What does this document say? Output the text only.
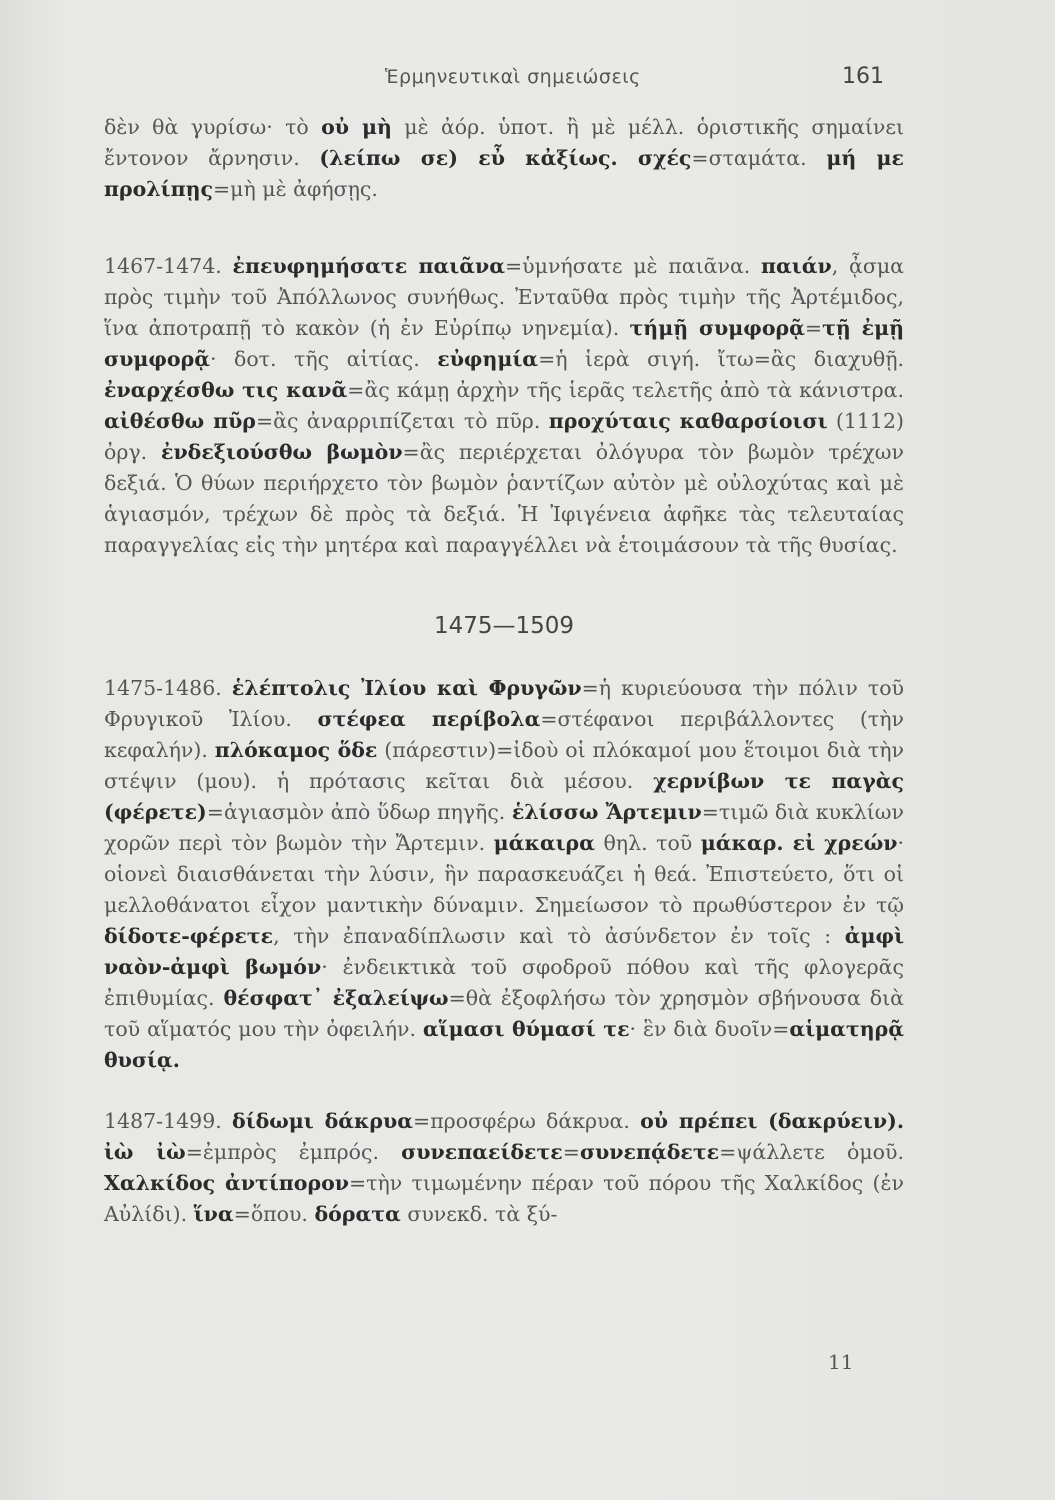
Ἑρμηνευτικαὶ σημειώσεις	161

δὲν θὰ γυρίσω· τὸ οὐ μὴ μὲ ἀόρ. ὑποτ. ἢ μὲ μέλλ. ὁριστικῆς σημαίνει ἔντονον ἄρνησιν. (λείπω σε) εὖ κἀξίως. σχές=σταμάτα. μή με προλίπῃς=μὴ μὲ ἀφήσῃς.

1467-1474. ἐπευφημήσατε παιᾶνα=ὑμνήσατε μὲ παιᾶνα. παιάν, ᾆσμα πρὸς τιμὴν τοῦ Ἀπόλλωνος συνήθως. Ἐνταῦθα πρὸς τιμὴν τῆς Ἀρτέμιδος, ἵνα ἀποτραπῇ τὸ κακὸν (ἡ ἐν Εὐρίπῳ νηνεμία). τήμῇ συμφορᾷ=τῇ ἐμῇ συμφορᾷ· δοτ. τῆς αἰτίας. εὐφημία=ἡ ἱερὰ σιγή. ἴτω=ἂς διαχυθῇ. ἐναρχέσθω τις κανᾶ=ἂς κάμῃ ἀρχὴν τῆς ἱερᾶς τελετῆς ἀπὸ τὰ κάνιστρα. αἰθέσθω πῦρ=ἂς ἀναρριπίζεται τὸ πῦρ. προχύταις καθαρσίοισι (1112) ὀργ. ἐνδεξιούσθω βωμὸν=ἂς περιέρχεται ὀλόγυρα τὸν βωμὸν τρέχων δεξιά. Ὁ θύων περιήρχετο τὸν βωμὸν ῥαντίζων αὐτὸν μὲ οὐλοχύτας καὶ μὲ ἁγιασμόν, τρέχων δὲ πρὸς τὰ δεξιά. Ἡ Ἰφιγένεια ἀφῆκε τὰς τελευταίας παραγγελίας εἰς τὴν μητέρα καὶ παραγγέλλει νὰ ἑτοιμάσουν τὰ τῆς θυσίας.

1475—1509

1475-1486. ἑλέπτολις Ἰλίου καὶ Φρυγῶν=ἡ κυριεύουσα τὴν πόλιν τοῦ Φρυγικοῦ Ἰλίου. στέφεα περίβολα=στέφανοι περιβάλλοντες (τὴν κεφαλήν). πλόκαμος ὅδε (πάρεστιν)=ἰδοὺ οἱ πλόκαμοί μου ἕτοιμοι διὰ τὴν στέψιν (μου). ἡ πρότασις κεῖται διὰ μέσου. χερνίβων τε παγὰς (φέρετε)=ἁγιασμὸν ἀπὸ ὕδωρ πηγῆς. ἑλίσσω Ἄρτεμιν=τιμῶ διὰ κυκλίων χορῶν περὶ τὸν βωμὸν τὴν Ἄρτεμιν. μάκαιρα θηλ. τοῦ μάκαρ. εἰ χρεών· οἱονεὶ διαισθάνεται τὴν λύσιν, ἣν παρασκευάζει ἡ θεά. Ἐπιστεύετο, ὅτι οἱ μελλοθάνατοι εἶχον μαντικὴν δύναμιν. Σημείωσον τὸ πρωθύστερον ἐν τῷ δίδοτε-φέρετε, τὴν ἐπαναδίπλωσιν καὶ τὸ ἀσύνδετον ἐν τοῖς : ἀμφὶ ναὸν-ἀμφὶ βωμόν· ἐνδεικτικὰ τοῦ σφοδροῦ πόθου καὶ τῆς φλογερᾶς ἐπιθυμίας. θέσφατ᾽ ἐξαλείψω=θὰ ἐξοφλήσω τὸν χρησμὸν σβήνουσα διὰ τοῦ αἵματός μου τὴν ὀφειλήν. αἵμασι θύμασί τε· ἓν διὰ δυοῖν=αἱματηρᾷ θυσίᾳ.

1487-1499. δίδωμι δάκρυα=προσφέρω δάκρυα. οὐ πρέπει (δακρύειν). ἰὼ ἰὼ=ἐμπρὸς ἐμπρός. συνεπαείδετε=συνεπᾴδετε=ψάλλετε ὁμοῦ. Χαλκίδος ἀντίπορον=τὴν τιμωμένην πέραν τοῦ πόρου τῆς Χαλκίδος (ἐν Αὐλίδι). ἵνα=ὅπου. δόρατα συνεκδ. τὰ ξύ-

11
